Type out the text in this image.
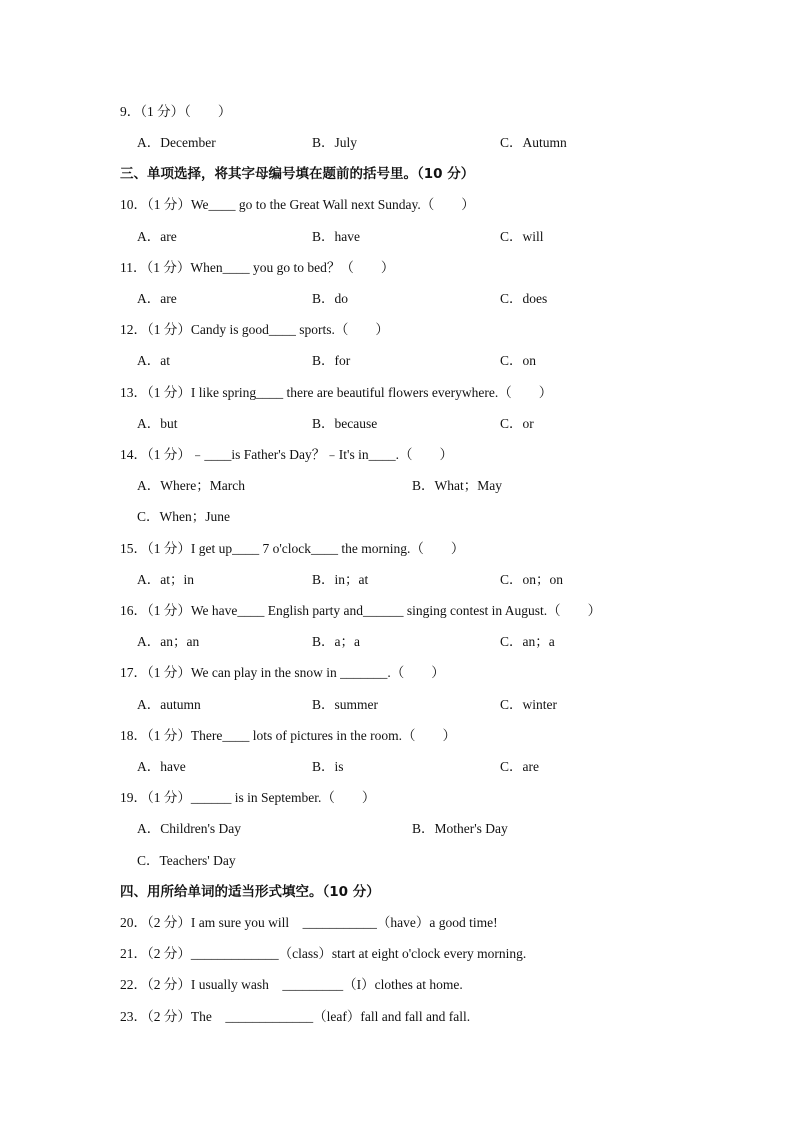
9．（1 分）（　　）
A．December	B．July	C．Autumn
三、单项选择，将其字母编号填在题前的括号里。（10 分）
10．（1 分）We____ go to the Great Wall next Sunday.（　　）
A．are	B．have	C．will
11．（1 分）When____ you go to bed？（　　）
A．are	B．do	C．does
12．（1 分）Candy is good____ sports.（　　）
A．at	B．for	C．on
13．（1 分）I like spring____ there are beautiful flowers everywhere.（　　）
A．but	B．because	C．or
14．（1 分）﹣____is Father's Day？﹣It's in____.（　　）
A．Where；March	B．What；May
C．When；June
15．（1 分）I get up____ 7 o'clock____ the morning.（　　）
A．at；in	B．in；at	C．on；on
16．（1 分）We have____ English party and______ singing contest in August.（　　）
A．an；an	B．a；a	C．an；a
17．（1 分）We can play in the snow in _______.（　　）
A．autumn	B．summer	C．winter
18．（1 分）There____ lots of pictures in the room.（　　）
A．have	B．is	C．are
19．（1 分）______ is in September.（　　）
A．Children's Day	B．Mother's Day
C．Teachers' Day
四、用所给单词的适当形式填空。（10 分）
20．（2 分）I am sure you will　___________（have）a good time!
21．（2 分）_____________（class）start at eight o'clock every morning.
22．（2 分）I usually wash　_________（I）clothes at home.
23．（2 分）The　_____________（leaf）fall and fall and fall.
